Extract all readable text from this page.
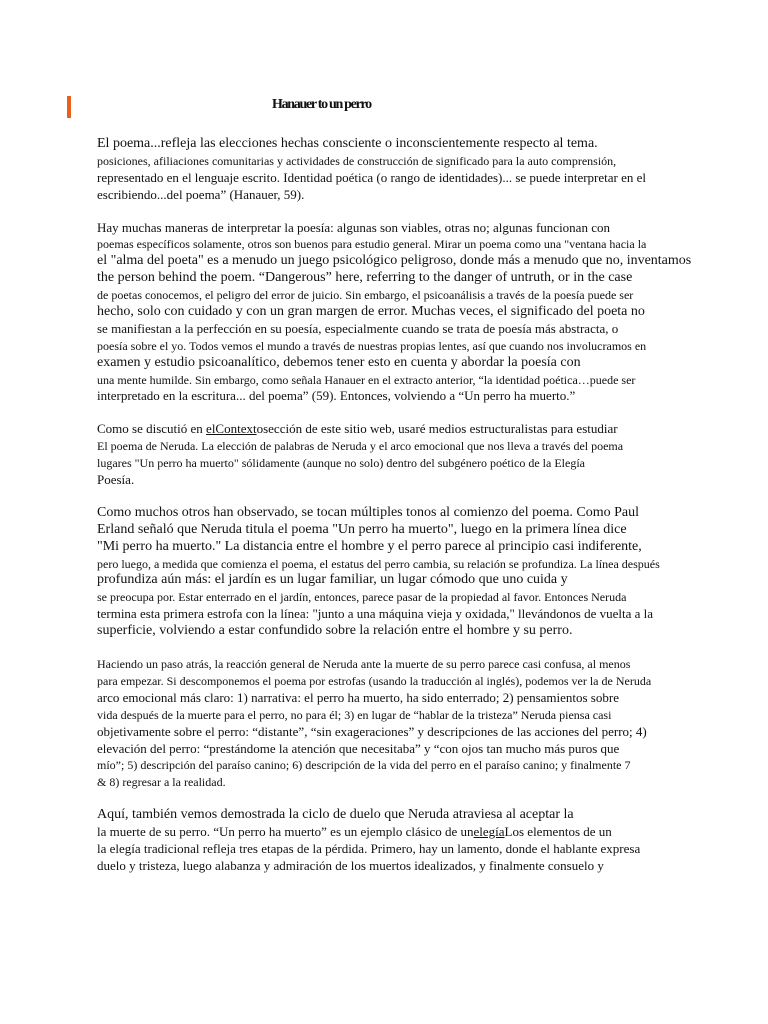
Hanauer to un perro
El poema...refleja las elecciones hechas consciente o inconscientemente respecto al tema.
posiciones, afiliaciones comunitarias y actividades de construcción de significado para la auto comprensión,
representado en el lenguaje escrito. Identidad poética (o rango de identidades)... se puede interpretar en el
escribiendo...del poema” (Hanauer, 59).
Hay muchas maneras de interpretar la poesía: algunas son viables, otras no; algunas funcionan con
poemas específicos solamente, otros son buenos para estudio general. Mirar un poema como una "ventana hacia la
el "alma del poeta" es a menudo un juego psicológico peligroso, donde más a menudo que no, inventamos
the person behind the poem. “Dangerous” here, referring to the danger of untruth, or in the case
de poetas conocemos, el peligro del error de juicio. Sin embargo, el psicoanálisis a través de la poesía puede ser
hecho, solo con cuidado y con un gran margen de error. Muchas veces, el significado del poeta no
se manifiestan a la perfección en su poesía, especialmente cuando se trata de poesía más abstracta, o
poesía sobre el yo. Todos vemos el mundo a través de nuestras propias lentes, así que cuando nos involucramos en
examen y estudio psicoanalítico, debemos tener esto en cuenta y abordar la poesía con
una mente humilde. Sin embargo, como señala Hanauer en el extracto anterior, “la identidad poética…puede ser
interpretado en la escritura... del poema” (59). Entonces, volviendo a “Un perro ha muerto.”
Como se discutió en elContextosección de este sitio web, usaré medios estructuralistas para estudiar
El poema de Neruda. La elección de palabras de Neruda y el arco emocional que nos lleva a través del poema
lugares "Un perro ha muerto" sólidamente (aunque no solo) dentro del subgénero poético de la Elegía
Poesía.
Como muchos otros han observado, se tocan múltiples tonos al comienzo del poema. Como Paul
Erland señaló que Neruda titula el poema "Un perro ha muerto", luego en la primera línea dice
"Mi perro ha muerto." La distancia entre el hombre y el perro parece al principio casi indiferente,
pero luego, a medida que comienza el poema, el estatus del perro cambia, su relación se profundiza. La línea después
profundiza aún más: el jardín es un lugar familiar, un lugar cómodo que uno cuida y
se preocupa por. Estar enterrado en el jardín, entonces, parece pasar de la propiedad al favor. Entonces Neruda
termina esta primera estrofa con la línea: "junto a una máquina vieja y oxidada," llevándonos de vuelta a la
superficie, volviendo a estar confundido sobre la relación entre el hombre y su perro.
Haciendo un paso atrás, la reacción general de Neruda ante la muerte de su perro parece casi confusa, al menos
para empezar. Si descomponemos el poema por estrofas (usando la traducción al inglés), podemos ver la de Neruda
arco emocional más claro: 1) narrativa: el perro ha muerto, ha sido enterrado; 2) pensamientos sobre
vida después de la muerte para el perro, no para él; 3) en lugar de “hablar de la tristeza” Neruda piensa casi
objetivamente sobre el perro: “distante”, “sin exageraciones” y descripciones de las acciones del perro; 4)
elevación del perro: “prestándome la atención que necesitaba” y “con ojos tan mucho más puros que
mío”; 5) descripción del paraíso canino; 6) descripción de la vida del perro en el paraíso canino; y finalmente 7
& 8) regresar a la realidad.
Aquí, también vemos demostrada la ciclo de duelo que Neruda atraviesa al aceptar la
la muerte de su perro. “Un perro ha muerto” es un ejemplo clásico de unelegíaLos elementos de un
la elegía tradicional refleja tres etapas de la pérdida. Primero, hay un lamento, donde el hablante expresa
duelo y tristeza, luego alabanza y admiración de los muertos idealizados, y finalmente consuelo y
